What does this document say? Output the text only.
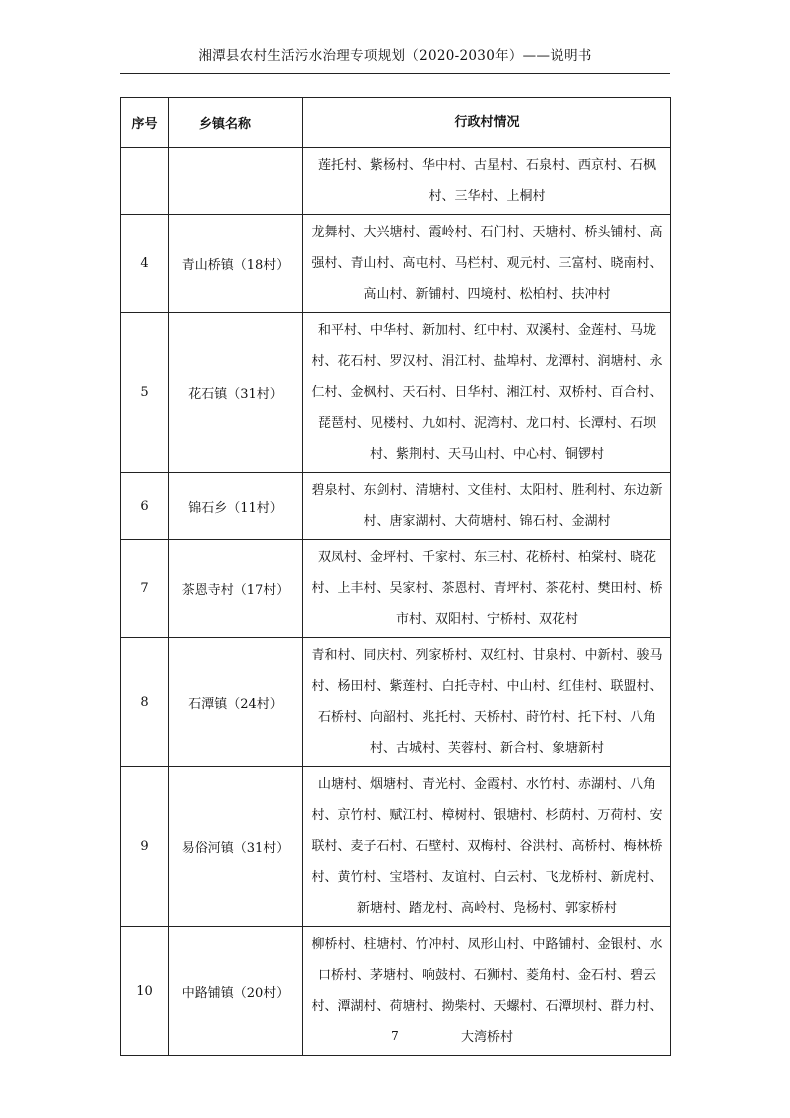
湘潭县农村生活污水治理专项规划（2020-2030年）——说明书
序号	乡镇名称	行政村情况
		莲托村、紫杨村、华中村、古星村、石泉村、西京村、石枫村、三华村、上桐村
4	青山桥镇（18村）	龙舞村、大兴塘村、霞岭村、石门村、天塘村、桥头铺村、高强村、青山村、高屯村、马栏村、观元村、三富村、晓南村、高山村、新铺村、四境村、松柏村、扶冲村
5	花石镇（31村）	和平村、中华村、新加村、红中村、双溪村、金莲村、马垅村、花石村、罗汉村、涓江村、盐埠村、龙潭村、润塘村、永仁村、金枫村、天石村、日华村、湘江村、双桥村、百合村、琵琶村、见楼村、九如村、泥湾村、龙口村、长潭村、石坝村、紫荆村、天马山村、中心村、铜锣村
6	锦石乡（11村）	碧泉村、东剑村、清塘村、文佳村、太阳村、胜利村、东边新村、唐家湖村、大荷塘村、锦石村、金湖村
7	茶恩寺村（17村）	双凤村、金坪村、千家村、东三村、花桥村、柏棠村、晓花村、上丰村、吴家村、茶恩村、青坪村、茶花村、樊田村、桥市村、双阳村、宁桥村、双花村
8	石潭镇（24村）	青和村、同庆村、列家桥村、双红村、甘泉村、中新村、骏马村、杨田村、紫莲村、白托寺村、中山村、红佳村、联盟村、石桥村、向韶村、兆托村、天桥村、莳竹村、托下村、八角村、古城村、芙蓉村、新合村、象塘新村
9	易俗河镇（31村）	山塘村、烟塘村、青光村、金霞村、水竹村、赤湖村、八角村、京竹村、赋江村、樟树村、银塘村、杉荫村、万荷村、安联村、麦子石村、石壁村、双梅村、谷洪村、高桥村、梅林桥村、黄竹村、宝塔村、友谊村、白云村、飞龙桥村、新虎村、新塘村、踏龙村、高岭村、凫杨村、郭家桥村
10	中路铺镇（20村）	柳桥村、柱塘村、竹冲村、凤形山村、中路铺村、金银村、水口桥村、茅塘村、响鼓村、石狮村、菱角村、金石村、碧云村、潭湖村、荷塘村、拗柴村、天螺村、石潭坝村、群力村、大湾桥村
7
